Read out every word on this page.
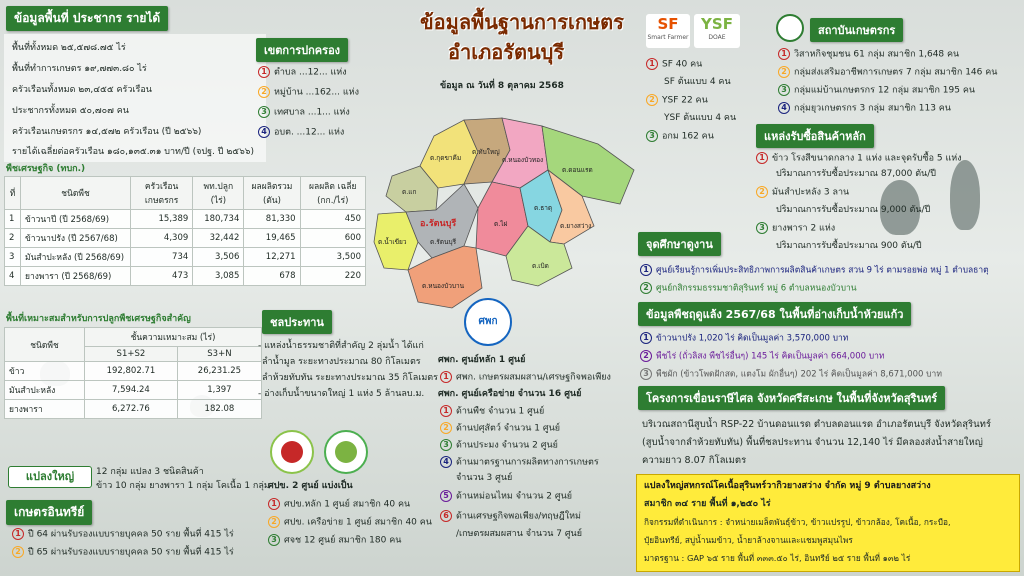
ข้อมูลพื้นที่ ประชากร รายได้
พื้นที่ทั้งหมด ๒๕,๕๗๘.๗๕ ไร่
พื้นที่ทำการเกษตร ๑๙,๗๗๓.๘๐ ไร่
ครัวเรือนทั้งหมด ๒๓,๔๕๕ ครัวเรือน
ประชากรทั้งหมด ๕๐,๗๐๗ คน
ครัวเรือนเกษตรกร ๑๔,๕๗๒ ครัวเรือน (ปี ๒๕๖๖)
รายได้เฉลี่ยต่อครัวเรือน ๑๘๐,๑๓๕.๓๑ บาท/ปี (จปฐ. ปี ๒๕๖๖)
พืชเศรษฐกิจ (ทบก.)
ที่	ชนิดพืช	ครัวเรือน เกษตรกร	พท.ปลูก (ไร่)	ผลผลิตรวม (ตัน)	ผลผลิต เฉลี่ย (กก./ไร่)
1	ข้าวนาปี (ปี 2568/69)	15,389	180,734	81,330	450
2	ข้าวนาปรัง (ปี 2567/68)	4,309	32,442	19,465	600
3	มันสำปะหลัง (ปี 2568/69)	734	3,506	12,271	3,500
4	ยางพารา (ปี 2568/69)	473	3,085	678	220
พื้นที่เหมาะสมสำหรับการปลูกพืชเศรษฐกิจสำคัญ
ชนิดพืช	ชั้นความเหมาะสม (ไร่)	
	S1+S2	S3+N
ข้าว	192,802.71	26,231.25
มันสำปะหลัง	7,594.24	1,397
ยางพารา	6,272.76	182.08
แปลงใหญ่	12 กลุ่ม แปลง 3 ชนิดสินค้า
ข้าว 10 กลุ่ม ยางพารา 1 กลุ่ม โคเนื้อ 1 กลุ่ม
เกษตรอินทรีย์
1 ปี 64 ผ่านรับรองแบบรายบุคคล 50 ราย พื้นที่ 415 ไร่
2 ปี 65 ผ่านรับรองแบบรายบุคคล 50 ราย พื้นที่ 415 ไร่
เขตการปกครอง
1 ตำบล ...12... แห่ง
2 หมู่บ้าน ...162... แห่ง
3 เทศบาล ...1... แห่ง
4 อบต. ...12... แห่ง
ข้อมูลพื้นฐานการเกษตร
อำเภอรัตนบุรี
ข้อมูล ณ วันที่ 8 ตุลาคม 2568
ต.ดอนแรด
ต.แก
ต.ทับใหญ่
ต.กุดขาคีม
ต.น้ำเขียว
ต.ยางสว่าง
ต.หนองบัวทอง
ต.ไผ่
ต.ธาตุ
ต.เบิด
ต.หนองบัวบาน
ต.รัตนบุรี
อ.รัตนบุรี
ชลประทาน
- แหล่งน้ำธรรมชาติที่สำคัญ 2 ลุ่มน้ำ ได้แก่
ลำน้ำมูล ระยะทางประมาณ 80 กิโลเมตร
ลำห้วยทับทัน ระยะทางประมาณ 35 กิโลเมตร
- อ่างเก็บน้ำขนาดใหญ่ 1 แห่ง 5 ล้านลบ.ม.
ศปข. 2 ศูนย์ แบ่งเป็น
1 ศปข.หลัก 1 ศูนย์ สมาชิก 40 คน
2 ศปข. เครือข่าย 1 ศูนย์ สมาชิก 40 คน
3 ศจช 12 ศูนย์ สมาชิก 180 คน
ศพก
ศพก. ศูนย์หลัก 1 ศูนย์
1 ศพก. เกษตรผสมผสาน/เศรษฐกิจพอเพียง
ศพก. ศูนย์เครือข่าย จำนวน 16 ศูนย์
1 ด้านพืช จำนวน 1 ศูนย์
2 ด้านปศุสัตว์ จำนวน 1 ศูนย์
3 ด้านประมง จำนวน 2 ศูนย์
4 ด้านมาตรฐานการผลิตทางการเกษตร
จำนวน 3 ศูนย์
5 ด้านหม่อนไหม จำนวน 2 ศูนย์
6 ด้านเศรษฐกิจพอเพียง/ทฤษฎีใหม่
/เกษตรผสมผสาน จำนวน 7 ศูนย์
SF
Smart Farmer
YSF
DOAE
1 SF 40 คน
SF ต้นแบบ 4 คน
2 YSF 22 คน
YSF ต้นแบบ 4 คน
3 อกม 162 คน
สถาบันเกษตรกร
1 วิสาหกิจชุมชน 61 กลุ่ม สมาชิก 1,648 คน
2 กลุ่มส่งเสริมอาชีพการเกษตร 7 กลุ่ม สมาชิก 146 คน
3 กลุ่มแม่บ้านเกษตรกร 12 กลุ่ม สมาชิก 195 คน
4 กลุ่มยุวเกษตรกร 3 กลุ่ม สมาชิก 113 คน
แหล่งรับซื้อสินค้าหลัก
1 ข้าว โรงสีขนาดกลาง 1 แห่ง และจุดรับซื้อ 5 แห่ง
ปริมาณการรับซื้อประมาณ 87,000 ตัน/ปี
2 มันสำปะหลัง 3 ลาน
ปริมาณการรับซื้อประมาณ 9,000 ตัน/ปี
3 ยางพารา 2 แห่ง
ปริมาณการรับซื้อประมาณ 900 ตัน/ปี
จุดศึกษาดูงาน
1 ศูนย์เรียนรู้การเพิ่มประสิทธิภาพการผลิตสินค้าเกษตร สวน 9 ไร่ ตามรอยพ่อ หมู่ 1 ตำบลธาตุ
2 ศูนย์กสิกรรมธรรมชาติสุรินทร์ หมู่ 6 ตำบลหนองบัวบาน
ข้อมูลพืชฤดูแล้ง 2567/68 ในพื้นที่อ่างเก็บน้ำห้วยแก้ว
1 ข้าวนาปรัง 1,020 ไร่ คิดเป็นมูลค่า 3,570,000 บาท
2 พืชไร่ (ถั่วลิสง พืชไร่อื่นๆ) 145 ไร่ คิดเป็นมูลค่า 664,000 บาท
3 พืชผัก (ข้าวโพดฝักสด, แตงโม ผักอื่นๆ) 202 ไร่ คิดเป็นมูลค่า 8,671,000 บาท
โครงการเขื่อนราษีไศล จังหวัดศรีสะเกษ ในพื้นที่จังหวัดสุรินทร์
บริเวณสถานีสูบน้ำ RSP-22 บ้านดอนแรด ตำบลดอนแรด อำเภอรัตนบุรี จังหวัดสุรินทร์
(สูบน้ำจากลำห้วยทับทัน) พื้นที่ชลประทาน จำนวน 12,140 ไร่ มีคลองส่งน้ำสายใหญ่
ความยาว 8.07 กิโลเมตร
แปลงใหญ่สหกรณ์โคเนื้อสุรินทร์วากิวยางสว่าง จำกัด หมู่ 9 ตำบลยางสว่าง
สมาชิก ๓๔ ราย พื้นที่ ๑,๒๕๐ ไร่
กิจกรรมที่ดำเนินการ : จำหน่ายเมล็ดพันธุ์ข้าว, ข้าวแปรรูป, ข้าวกล้อง, โคเนื้อ, กระบือ,
ปุ๋ยอินทรีย์, สบู่น้ำนมข้าว, น้ำยาล้างจานและแชมพูสมุนไพร
มาตรฐาน : GAP ๖๕ ราย พื้นที่ ๓๓๓.๕๐ ไร่, อินทรีย์ ๒๕ ราย พื้นที่ ๑๓๒ ไร่
